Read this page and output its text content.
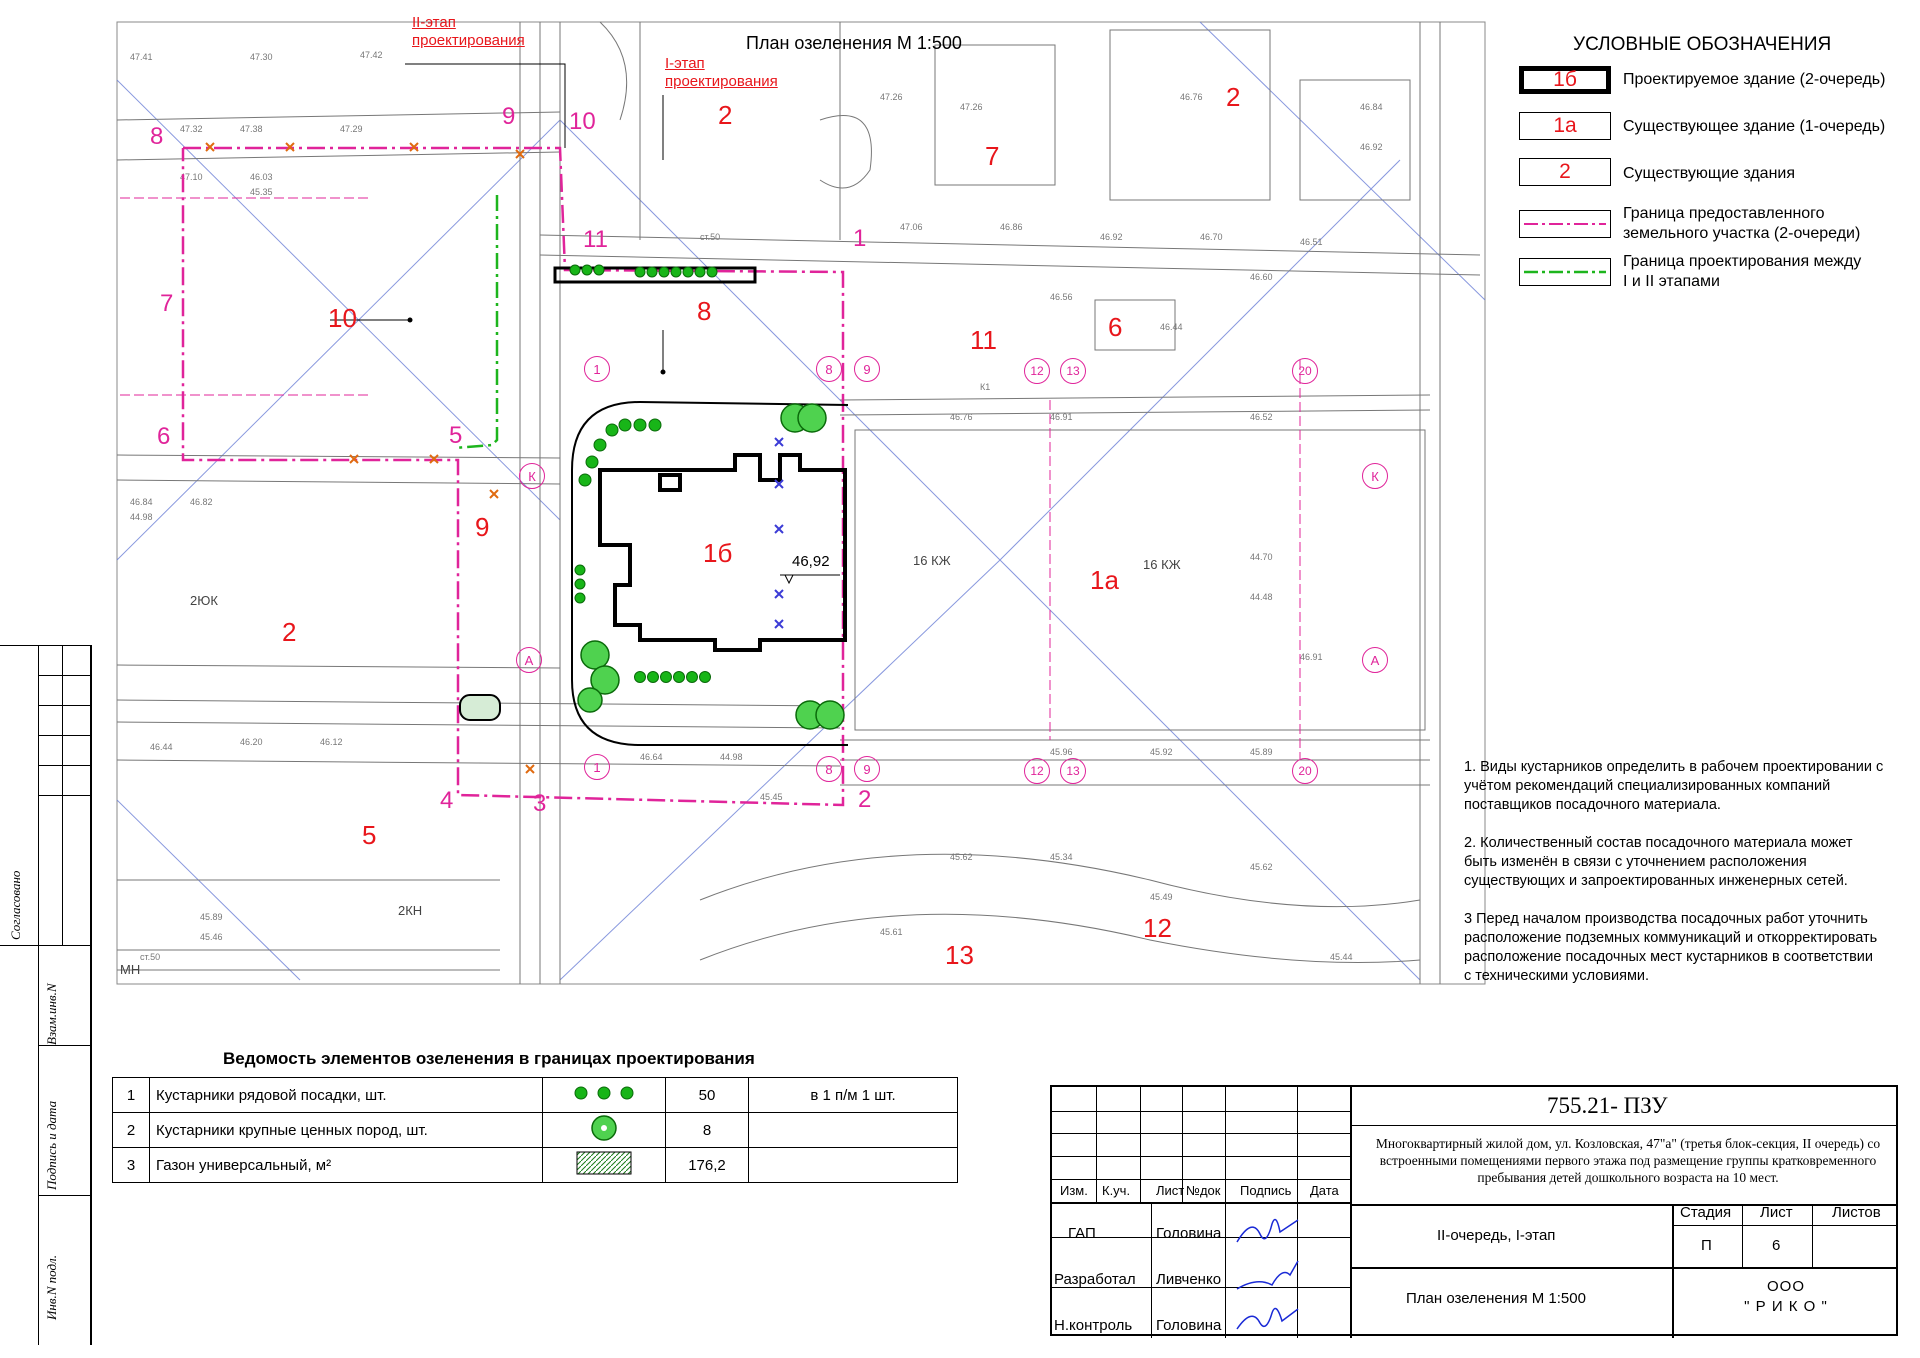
47.41	47.30	47.42
47.32	47.38	47.29
47.10	46.03
45.35
46.84
44.98
46.82
46.44	46.20	46.12
46.64	44.98
45.45
47.06	46.86
46.92	46.70	46.51
46.76	46.91	46.52
44.70
44.48
46.91
45.96	45.92	45.89
45.62	45.34
45.49
45.62
45.44
45.61
45.89
45.46
ст.50
47.26
47.26
46.76
46.84
46.92
ст.50
46.56
46.44
К1
46.60
План озеленения М 1:500
II-этап
проектирования
I-этап
проектирования
2
2
2
5
7
8
10
11
9
6
12
13
1а
1б	46,92
2ЮК
16 КЖ	16 КЖ
2КН
МН
1
2
3
4
5
6
7
8
9 10
11
1	8	9	12	13	20
1	8	9	12	13	20
К	К
А	А
УСЛОВНЫЕ ОБОЗНАЧЕНИЯ
1б	Проектируемое здание (2-очередь)
1а	Существующее здание (1-очередь)
2	Существующие здания
Граница предоставленного земельного участка (2-очереди)
Граница проектирования между I и II этапами
1. Виды кустарников определить в рабочем проектировании с учётом рекомендаций специализированных компаний поставщиков посадочного материала.
2. Количественный состав посадочного материала может быть изменён в связи с уточнением расположения существующих и запроектированных инженерных сетей.
3 Перед началом производства посадочных работ уточнить расположение подземных коммуникаций и откорректировать расположение посадочных мест кустарников в соответствии с техническими условиями.
Ведомость элементов озеленения в границах проектирования
1	Кустарники рядовой посадки, шт.		50	в 1 п/м 1 шт.
2	Кустарники крупные ценных пород, шт.		8	
3	Газон универсальный, м²		176,2	
Согласовано
Взам.инв.N
Подпись и дата
Инв.N подл.
Изм. К.уч. Лист №док Подпись Дата
ГАП	Головина
Разработал Ливченко
Н.контроль Головина
755.21- ПЗУ
Многоквартирный жилой дом, ул. Козловская, 47"а" (третья блок-секция, II очередь) со встроенными помещениями первого этажа под размещение группы кратковременного пребывания детей дошкольного возраста на 10 мест.
II-очередь, I-этап
План озеленения М 1:500
Стадия Лист	Листов
П	6
ООО
" Р И К О "
